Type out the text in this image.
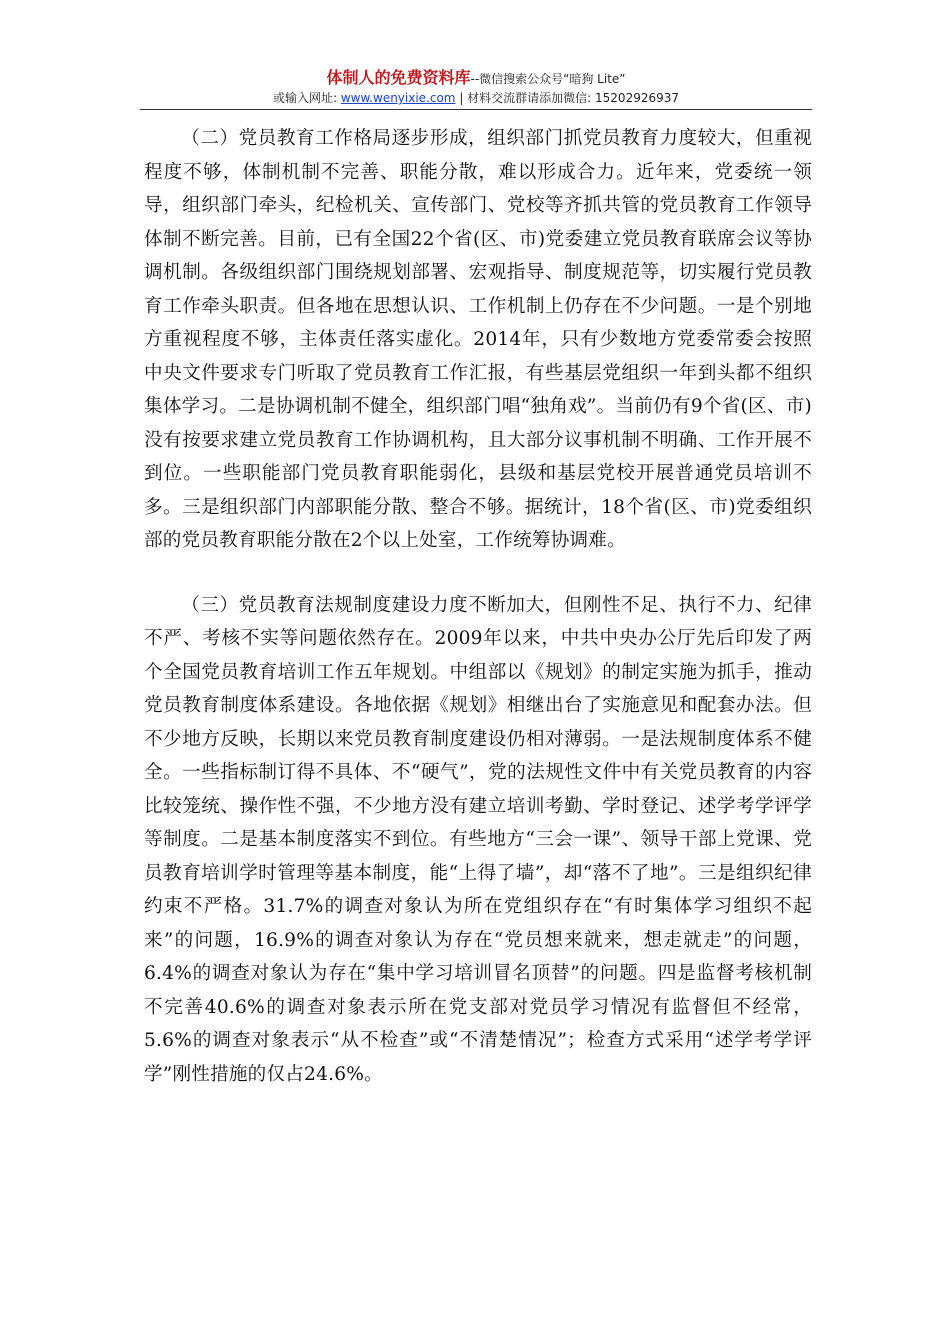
体制人的免费资料库--微信搜索公众号“暗狗 Lite”
或输入网址: www.wenyixie.com | 材料交流群请添加微信: 15202926937

（二）党员教育工作格局逐步形成，组织部门抓党员教育力度较大，但重视程度不够，体制机制不完善、职能分散，难以形成合力。近年来，党委统一领导，组织部门牵头，纪检机关、宣传部门、党校等齐抓共管的党员教育工作领导体制不断完善。目前，已有全国22个省(区、市)党委建立党员教育联席会议等协调机制。各级组织部门围绕规划部署、宏观指导、制度规范等，切实履行党员教育工作牵头职责。但各地在思想认识、工作机制上仍存在不少问题。一是个别地方重视程度不够，主体责任落实虚化。2014年，只有少数地方党委常委会按照中央文件要求专门听取了党员教育工作汇报，有些基层党组织一年到头都不组织集体学习。二是协调机制不健全，组织部门唱“独角戏”。当前仍有9个省(区、市)没有按要求建立党员教育工作协调机构，且大部分议事机制不明确、工作开展不到位。一些职能部门党员教育职能弱化，县级和基层党校开展普通党员培训不多。三是组织部门内部职能分散、整合不够。据统计，18个省(区、市)党委组织部的党员教育职能分散在2个以上处室，工作统筹协调难。

（三）党员教育法规制度建设力度不断加大，但刚性不足、执行不力、纪律不严、考核不实等问题依然存在。2009年以来，中共中央办公厅先后印发了两个全国党员教育培训工作五年规划。中组部以《规划》的制定实施为抓手，推动党员教育制度体系建设。各地依据《规划》相继出台了实施意见和配套办法。但不少地方反映，长期以来党员教育制度建设仍相对薄弱。一是法规制度体系不健全。一些指标制订得不具体、不“硬气”，党的法规性文件中有关党员教育的内容比较笼统、操作性不强，不少地方没有建立培训考勤、学时登记、述学考学评学等制度。二是基本制度落实不到位。有些地方“三会一课”、领导干部上党课、党员教育培训学时管理等基本制度，能“上得了墙”，却“落不了地”。三是组织纪律约束不严格。31.7%的调查对象认为所在党组织存在“有时集体学习组织不起来”的问题，16.9%的调查对象认为存在“党员想来就来，想走就走”的问题，6.4%的调查对象认为存在“集中学习培训冒名顶替”的问题。四是监督考核机制不完善40.6%的调查对象表示所在党支部对党员学习情况有监督但不经常，5.6%的调查对象表示“从不检查”或“不清楚情况”；检查方式采用“述学考学评学”刚性措施的仅占24.6%。
